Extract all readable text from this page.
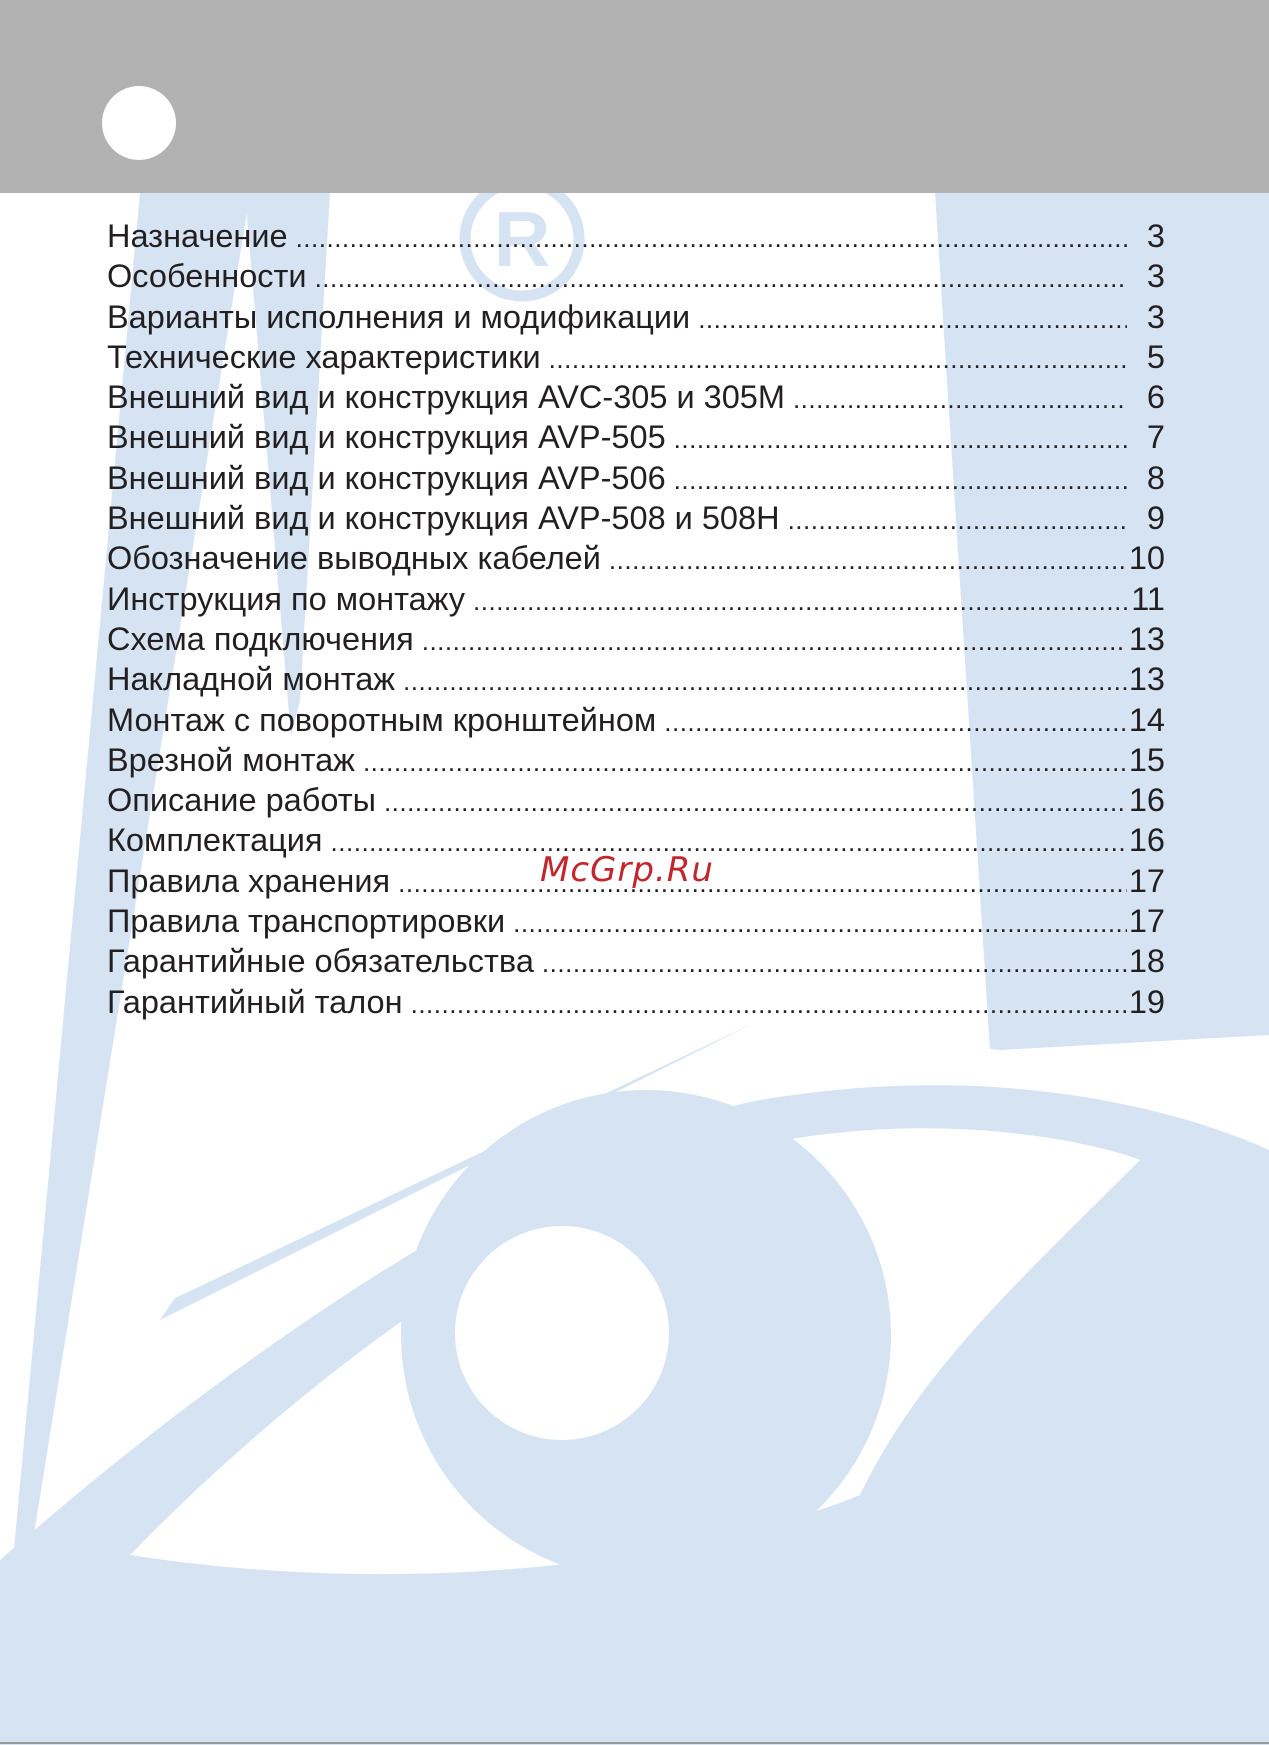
R
Назначение .....	3
Особенности .....	3
Варианты исполнения и модификации .....	3
Технические характеристики .....	5
Внешний вид и конструкция AVC-305 и 305M .....	6
Внешний вид и конструкция AVP-505 .....	7
Внешний вид и конструкция AVP-506 .....	8
Внешний вид и конструкция AVP-508 и 508H .....	9
Обозначение выводных кабелей .....	10
Инструкция по монтажу .....	11
Схема подключения .....	13
Накладной монтаж .....	13
Монтаж с поворотным кронштейном .....	14
Врезной монтаж .....	15
Описание работы .....	16
Комплектация .....	16
Правила хранения .....	17
Правила транспортировки .....	17
Гарантийные обязательства .....	18
Гарантийный талон .....	19
McGrp.Ru
